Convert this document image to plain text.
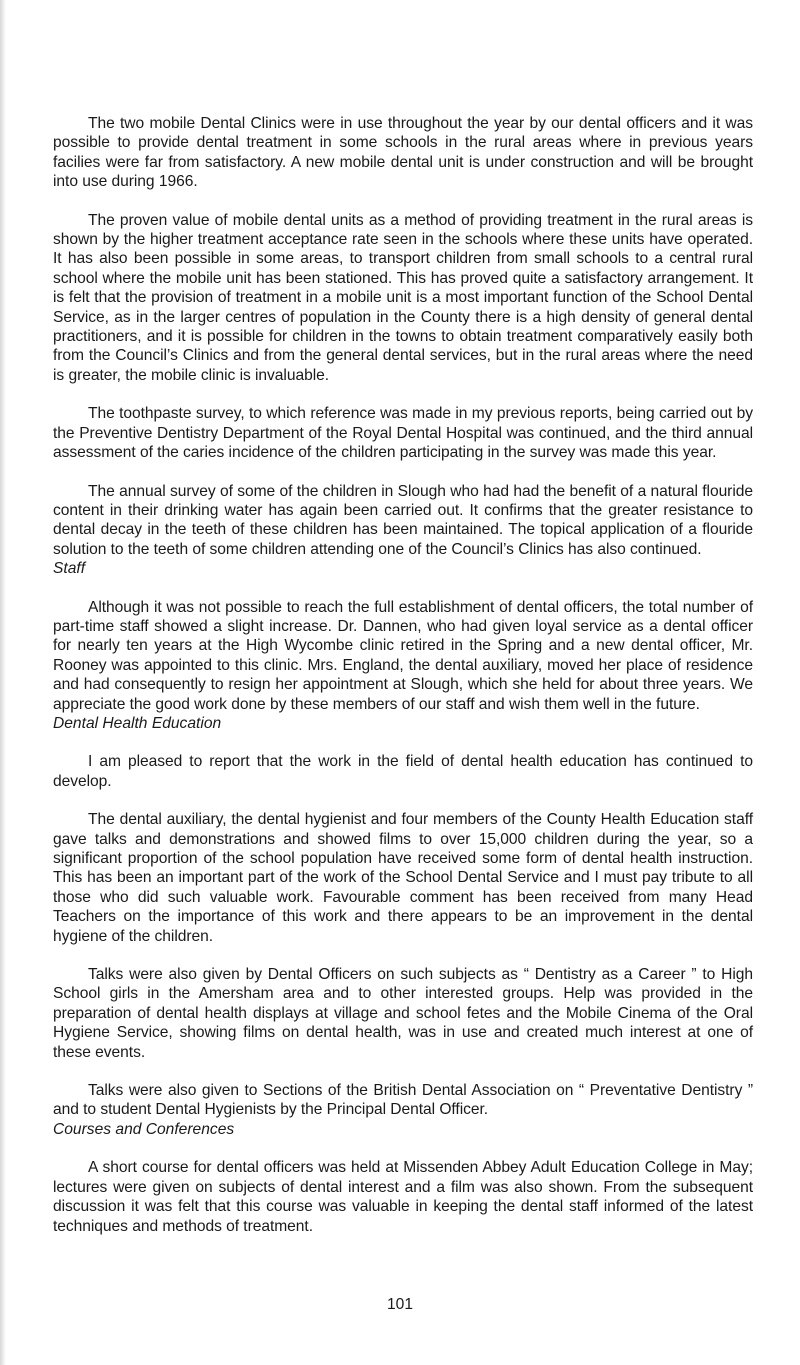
The two mobile Dental Clinics were in use throughout the year by our dental officers and it was possible to provide dental treatment in some schools in the rural areas where in previous years facilies were far from satisfactory. A new mobile dental unit is under construction and will be brought into use during 1966.

The proven value of mobile dental units as a method of providing treatment in the rural areas is shown by the higher treatment acceptance rate seen in the schools where these units have operated. It has also been possible in some areas, to transport children from small schools to a central rural school where the mobile unit has been stationed. This has proved quite a satisfactory arrangement. It is felt that the provision of treatment in a mobile unit is a most important function of the School Dental Service, as in the larger centres of population in the County there is a high density of general dental practitioners, and it is possible for children in the towns to obtain treatment comparatively easily both from the Council’s Clinics and from the general dental services, but in the rural areas where the need is greater, the mobile clinic is invaluable.

The toothpaste survey, to which reference was made in my previous reports, being carried out by the Preventive Dentistry Department of the Royal Dental Hospital was continued, and the third annual assessment of the caries incidence of the children participating in the survey was made this year.

The annual survey of some of the children in Slough who had had the benefit of a natural flouride content in their drinking water has again been carried out. It confirms that the greater resistance to dental decay in the teeth of these children has been maintained. The topical application of a flouride solution to the teeth of some children attending one of the Council’s Clinics has also continued.

Staff

Although it was not possible to reach the full establishment of dental officers, the total number of part-time staff showed a slight increase. Dr. Dannen, who had given loyal service as a dental officer for nearly ten years at the High Wycombe clinic retired in the Spring and a new dental officer, Mr. Rooney was appointed to this clinic. Mrs. England, the dental auxiliary, moved her place of residence and had consequently to resign her appointment at Slough, which she held for about three years. We appreciate the good work done by these members of our staff and wish them well in the future.

Dental Health Education

I am pleased to report that the work in the field of dental health education has continued to develop.

The dental auxiliary, the dental hygienist and four members of the County Health Education staff gave talks and demonstrations and showed films to over 15,000 children during the year, so a significant proportion of the school population have received some form of dental health instruction. This has been an important part of the work of the School Dental Service and I must pay tribute to all those who did such valuable work. Favourable comment has been received from many Head Teachers on the importance of this work and there appears to be an improvement in the dental hygiene of the children.

Talks were also given by Dental Officers on such subjects as “ Dentistry as a Career ” to High School girls in the Amersham area and to other interested groups. Help was provided in the preparation of dental health displays at village and school fetes and the Mobile Cinema of the Oral Hygiene Service, showing films on dental health, was in use and created much interest at one of these events.

Talks were also given to Sections of the British Dental Association on “ Preventative Dentistry ” and to student Dental Hygienists by the Principal Dental Officer.

Courses and Conferences

A short course for dental officers was held at Missenden Abbey Adult Education College in May; lectures were given on subjects of dental interest and a film was also shown. From the subsequent discussion it was felt that this course was valuable in keeping the dental staff informed of the latest techniques and methods of treatment.

101
